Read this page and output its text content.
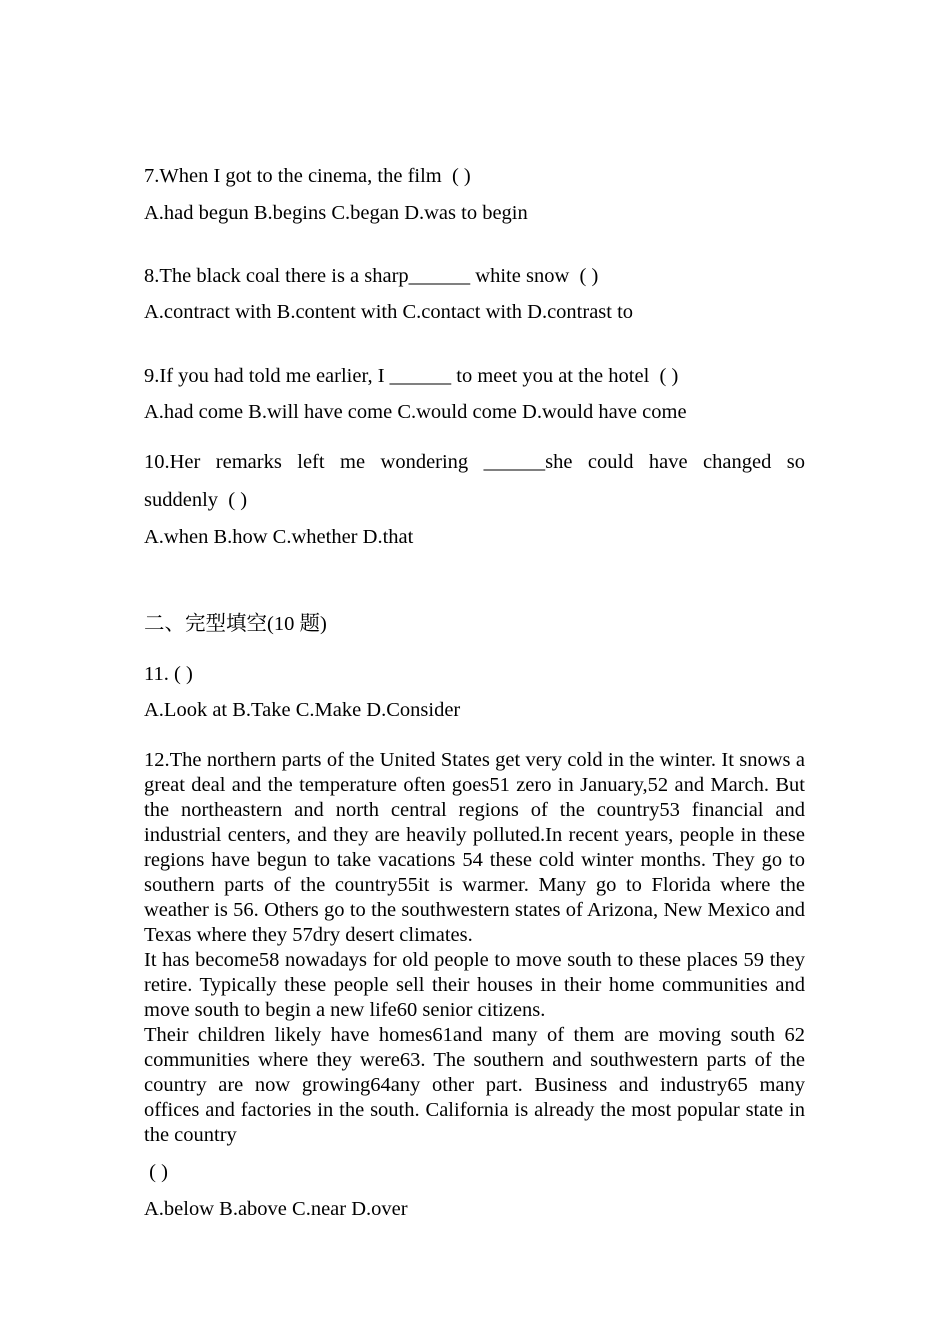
7.When I got to the cinema, the film  ( )
A.had begun B.begins C.began D.was to begin
8.The black coal there is a sharp______ white snow  ( )
A.contract with B.content with C.contact with D.contrast to
9.If you had told me earlier, I ______ to meet you at the hotel  ( )
A.had come B.will have come C.would come D.would have come
10.Her remarks left me wondering ______she could have changed so
suddenly  ( )
A.when B.how C.whether D.that
二、完型填空(10 题)
11. ( )
A.Look at B.Take C.Make D.Consider
12.The northern parts of the United States get very cold in the winter. It snows a great deal and the temperature often goes51 zero in January,52 and March. But the northeastern and north central regions of the country53 financial and industrial centers, and they are heavily polluted.In recent years, people in these regions have begun to take vacations 54 these cold winter months. They go to southern parts of the country55it is warmer. Many go to Florida where the weather is 56. Others go to the southwestern states of Arizona, New Mexico and Texas where they 57dry desert climates.
It has become58 nowadays for old people to move south to these places 59 they retire. Typically these people sell their houses in their home communities and move south to begin a new life60 senior citizens.
Their children likely have homes61and many of them are moving south 62 communities where they were63. The southern and southwestern parts of the country are now growing64any other part. Business and industry65 many offices and factories in the south. California is already the most popular state in the country
( )
A.below B.above C.near D.over
